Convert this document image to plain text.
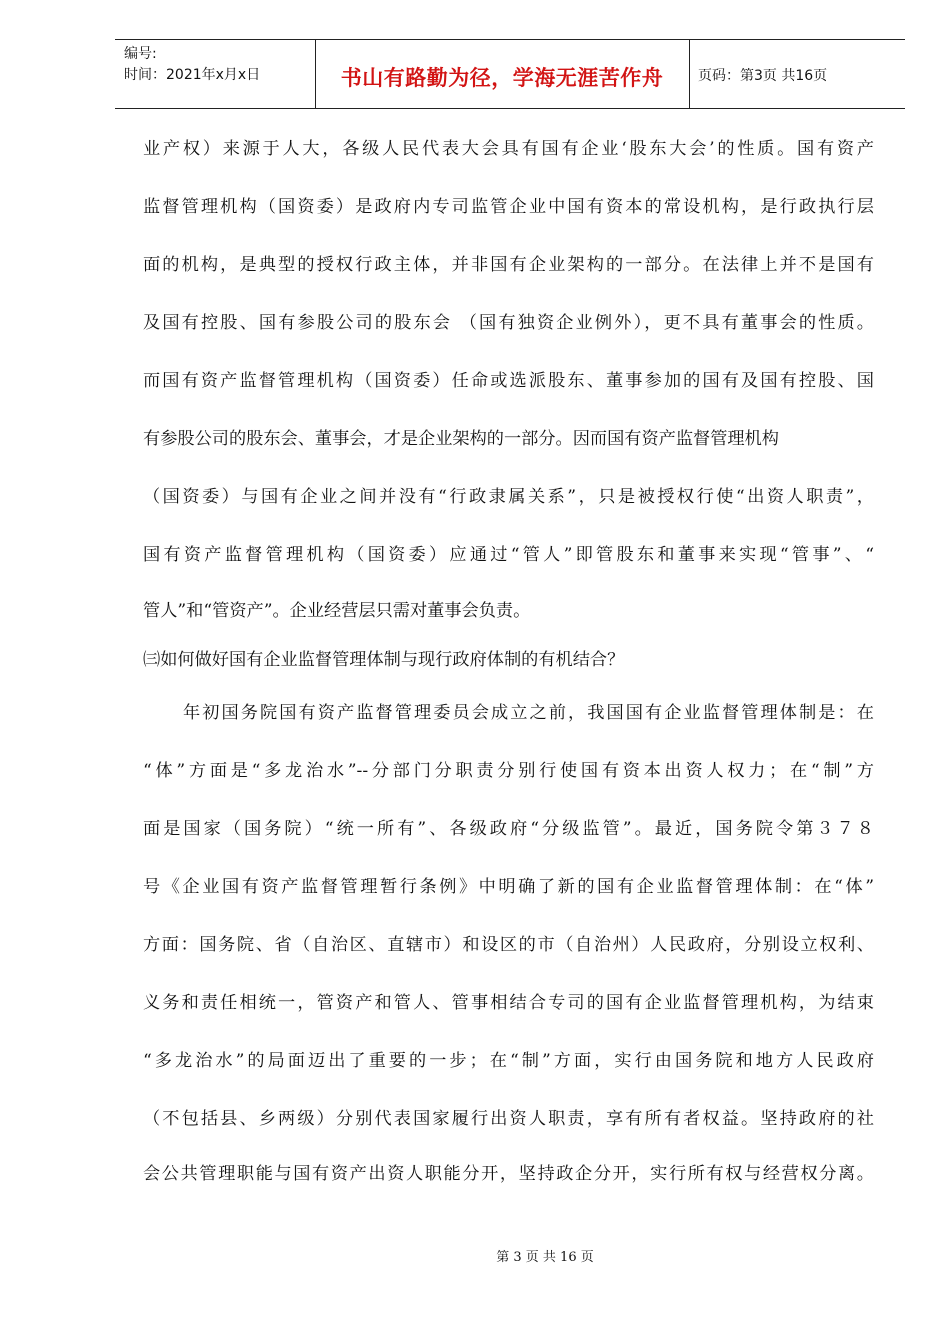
编号:
时间：2021年x月x日	书山有路勤为径，学海无涯苦作舟	页码：第3页 共16页
业产权）来源于人大，各级人民代表大会具有国有企业‘股东大会’的性质。国有资产
监督管理机构（国资委）是政府内专司监管企业中国有资本的常设机构，是行政执行层
面的机构，是典型的授权行政主体，并非国有企业架构的一部分。在法律上并不是国有
及国有控股、国有参股公司的股东会 （国有独资企业例外），更不具有董事会的性质。
而国有资产监督管理机构（国资委）任命或选派股东、董事参加的国有及国有控股、国
有参股公司的股东会、董事会，才是企业架构的一部分。因而国有资产监督管理机构
（国资委）与国有企业之间并没有“行政隶属关系”，只是被授权行使“出资人职责”，
国有资产监督管理机构（国资委）应通过“管人”即管股东和董事来实现“管事”、“
管人”和“管资产”。企业经营层只需对董事会负责。
㈢如何做好国有企业监督管理体制与现行政府体制的有机结合？
年初国务院国有资产监督管理委员会成立之前，我国国有企业监督管理体制是：在
“体”方面是“多龙治水”--分部门分职责分别行使国有资本出资人权力；在“制”方
面是国家（国务院）“统一所有”、各级政府“分级监管”。最近，国务院令第３７８
号《企业国有资产监督管理暂行条例》中明确了新的国有企业监督管理体制：在“体”
方面：国务院、省（自治区、直辖市）和设区的市（自治州）人民政府，分别设立权利、
义务和责任相统一，管资产和管人、管事相结合专司的国有企业监督管理机构，为结束
“多龙治水”的局面迈出了重要的一步；在“制”方面，实行由国务院和地方人民政府
（不包括县、乡两级）分别代表国家履行出资人职责，享有所有者权益。坚持政府的社
会公共管理职能与国有资产出资人职能分开，坚持政企分开，实行所有权与经营权分离。
第 3 页 共 16 页
